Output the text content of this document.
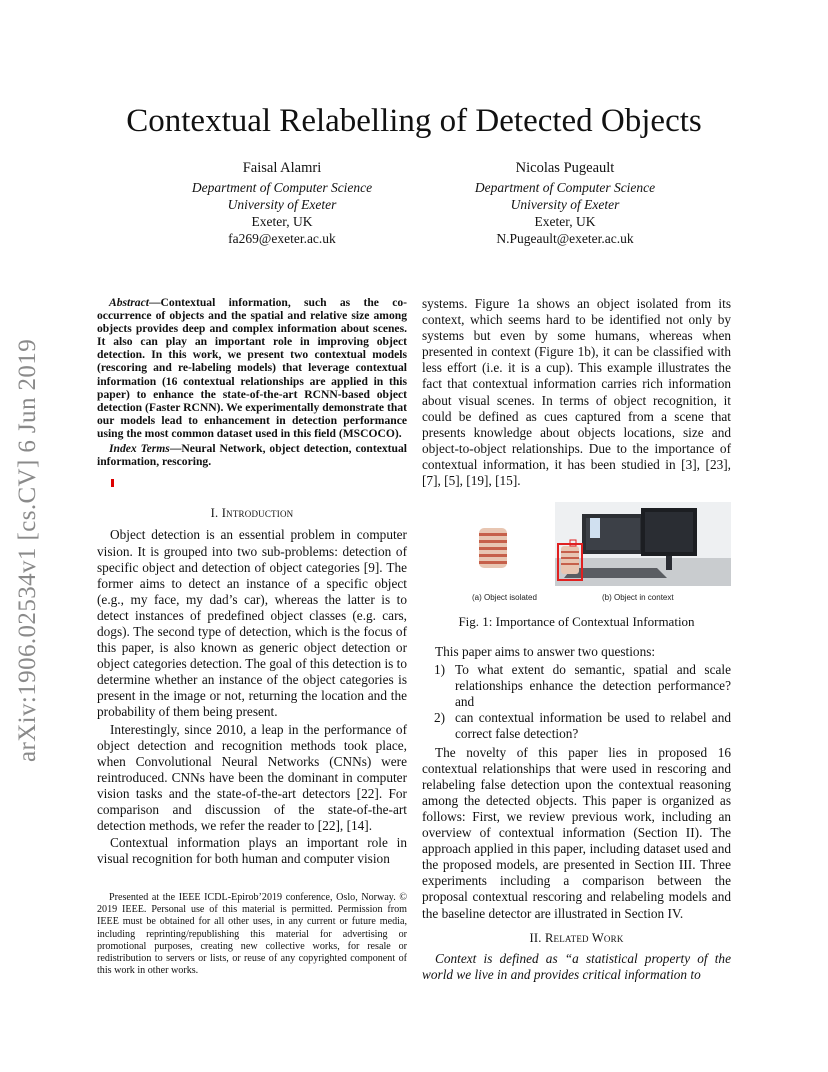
arXiv:1906.02534v1 [cs.CV] 6 Jun 2019
Contextual Relabelling of Detected Objects
Faisal Alamri
Department of Computer Science
University of Exeter
Exeter, UK
fa269@exeter.ac.uk
Nicolas Pugeault
Department of Computer Science
University of Exeter
Exeter, UK
N.Pugeault@exeter.ac.uk

Abstract—Contextual information, such as the co-occurrence of objects and the spatial and relative size among objects provides deep and complex information about scenes. It also can play an important role in improving object detection. In this work, we present two contextual models (rescoring and re-labeling models) that leverage contextual information (16 contextual relationships are applied in this paper) to enhance the state-of-the-art RCNN-based object detection (Faster RCNN). We experimentally demonstrate that our models lead to enhancement in detection performance using the most common dataset used in this field (MSCOCO).

Index Terms—Neural Network, object detection, contextual information, rescoring.

I. Introduction

Object detection is an essential problem in computer vision. It is grouped into two sub-problems: detection of specific object and detection of object categories [9]. The former aims to detect an instance of a specific object (e.g., my face, my dad’s car), whereas the latter is to detect instances of predefined object classes (e.g. cars, dogs). The second type of detection, which is the focus of this paper, is also known as generic object detection or object categories detection. The goal of this detection is to determine whether an instance of the object categories is present in the image or not, returning the location and the probability of them being present.

Interestingly, since 2010, a leap in the performance of object detection and recognition methods took place, when Convolutional Neural Networks (CNNs) were reintroduced. CNNs have been the dominant in computer vision tasks and the state-of-the-art detectors [22]. For comparison and discussion of the state-of-the-art detection methods, we refer the reader to [22], [14].

Contextual information plays an important role in visual recognition for both human and computer vision

Presented at the IEEE ICDL-Epirob’2019 conference, Oslo, Norway. © 2019 IEEE. Personal use of this material is permitted. Permission from IEEE must be obtained for all other uses, in any current or future media, including reprinting/republishing this material for advertising or promotional purposes, creating new collective works, for resale or redistribution to servers or lists, or reuse of any copyrighted component of this work in other works.

systems. Figure 1a shows an object isolated from its context, which seems hard to be identified not only by systems but even by some humans, whereas when presented in context (Figure 1b), it can be classified with less effort (i.e. it is a cup). This example illustrates the fact that contextual information carries rich information about visual scenes. In terms of object recognition, it could be defined as cues captured from a scene that presents knowledge about objects locations, size and object-to-object relationships. Due to the importance of contextual information, it has been studied in [3], [23], [7], [5], [19], [15].

(a) Object isolated	(b) Object in context
Fig. 1: Importance of Contextual Information

This paper aims to answer two questions:

1) To what extent do semantic, spatial and scale relationships enhance the detection performance? and
2) can contextual information be used to relabel and correct false detection?

The novelty of this paper lies in proposed 16 contextual relationships that were used in rescoring and relabeling false detection upon the contextual reasoning among the detected objects. This paper is organized as follows: First, we review previous work, including an overview of contextual information (Section II). The approach applied in this paper, including dataset used and the proposed models, are presented in Section III. Three experiments including a comparison between the proposal contextual rescoring and relabeling models and the baseline detector are illustrated in Section IV.

II. Related Work

Context is defined as “a statistical property of the world we live in and provides critical information to
